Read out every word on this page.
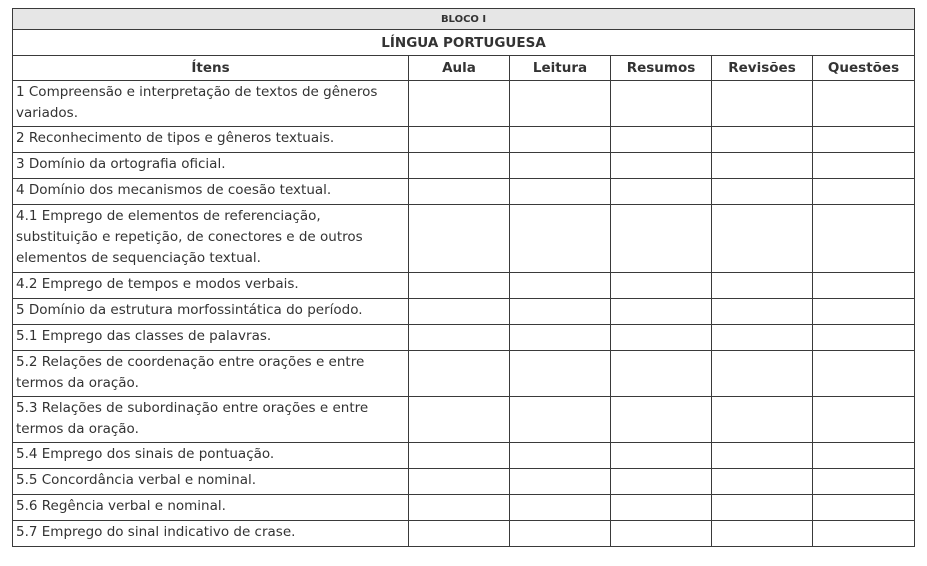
BLOCO I					
LÍNGUA PORTUGUESA					
Ítens	Aula	Leitura	Resumos	Revisões	Questões
1 Compreensão e interpretação de textos de gêneros variados.					
2 Reconhecimento de tipos e gêneros textuais.					
3 Domínio da ortografia oficial.					
4 Domínio dos mecanismos de coesão textual.					
4.1 Emprego de elementos de referenciação, substituição e repetição, de conectores e de outros elementos de sequenciação textual.					
4.2 Emprego de tempos e modos verbais.					
5 Domínio da estrutura morfossintática do período.					
5.1 Emprego das classes de palavras.					
5.2 Relações de coordenação entre orações e entre termos da oração.					
5.3 Relações de subordinação entre orações e entre termos da oração.					
5.4 Emprego dos sinais de pontuação.					
5.5 Concordância verbal e nominal.					
5.6 Regência verbal e nominal.					
5.7 Emprego do sinal indicativo de crase.					
